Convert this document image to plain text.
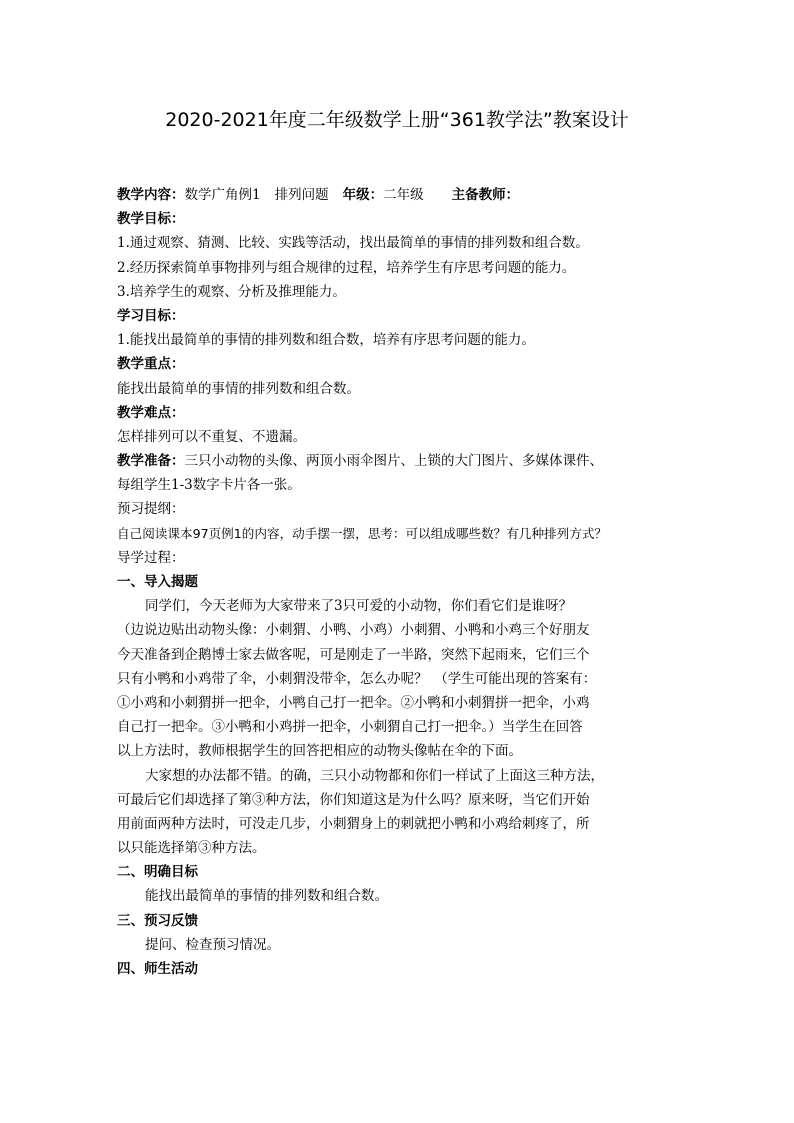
2020-2021年度二年级数学上册“361教学法”教案设计
教学内容：数学广角例1 排列问题 年级：二年级 主备教师：
教学目标：
1.通过观察、猜测、比较、实践等活动，找出最简单的事情的排列数和组合数。
2.经历探索简单事物排列与组合规律的过程，培养学生有序思考问题的能力。
3.培养学生的观察、分析及推理能力。
学习目标：
1.能找出最简单的事情的排列数和组合数，培养有序思考问题的能力。
教学重点：
能找出最简单的事情的排列数和组合数。
教学难点：
怎样排列可以不重复、不遗漏。
教学准备：三只小动物的头像、两顶小雨伞图片、上锁的大门图片、多媒体课件、
每组学生1-3数字卡片各一张。
预习提纲：
自己阅读课本97页例1的内容，动手摆一摆，思考：可以组成哪些数？有几种排列方式？
导学过程：
一、导入揭题
同学们，今天老师为大家带来了3只可爱的小动物，你们看它们是谁呀？
（边说边贴出动物头像：小刺猬、小鸭、小鸡）小刺猬、小鸭和小鸡三个好朋友
今天准备到企鹅博士家去做客呢，可是刚走了一半路，突然下起雨来，它们三个
只有小鸭和小鸡带了伞，小刺猬没带伞，怎么办呢？　（学生可能出现的答案有：
①小鸡和小刺猬拼一把伞，小鸭自己打一把伞。②小鸭和小刺猬拼一把伞，小鸡
自己打一把伞。③小鸭和小鸡拼一把伞，小刺猬自己打一把伞。）当学生在回答
以上方法时，教师根据学生的回答把相应的动物头像帖在伞的下面。
大家想的办法都不错。的确，三只小动物都和你们一样试了上面这三种方法，
可最后它们却选择了第③种方法，你们知道这是为什么吗？原来呀，当它们开始
用前面两种方法时，可没走几步，小刺猬身上的刺就把小鸭和小鸡给刺疼了，所
以只能选择第③种方法。
二、明确目标
能找出最简单的事情的排列数和组合数。
三、预习反馈
提问、检查预习情况。
四、师生活动
